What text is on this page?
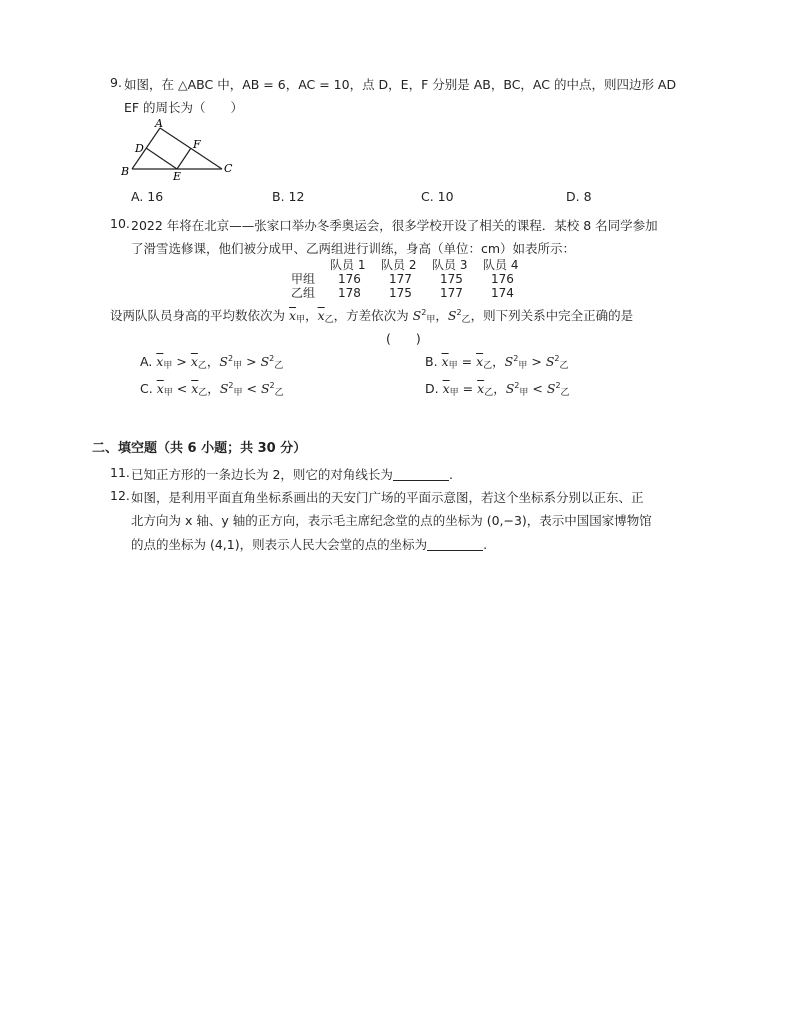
9. 如图，在 △ABC 中，AB = 6，AC = 10，点 D，E，F 分别是 AB，BC，AC 的中点，则四边形 AD
EF 的周长为（　　）
A
B	C
D
E
F
A. 16	B. 12	C. 10	D. 8
10. 2022 年将在北京——张家口举办冬季奥运会，很多学校开设了相关的课程．某校 8 名同学参加
了滑雪选修课，他们被分成甲、乙两组进行训练，身高（单位：cm）如表所示：
队员 1 队员 2 队员 3 队员 4
甲组 176 177 175 176
乙组 178 175 177 174
设两队队员身高的平均数依次为 $\overline{x}_甲$，$\overline{x}_乙$，方差依次为 $S^2_甲$，$S^2_乙$，则下列关系中完全正确的是
(　　)
A. $\overline{x}_甲 > \overline{x}_乙$，$S^2_甲 > S^2_乙$	B. $\overline{x}_甲 = \overline{x}_乙$，$S^2_甲 > S^2_乙$
C. $\overline{x}_甲 < \overline{x}_乙$，$S^2_甲 < S^2_乙$	D. $\overline{x}_甲 = \overline{x}_乙$，$S^2_甲 < S^2_乙$
二、填空题（共 6 小题；共 30 分）
11. 已知正方形的一条边长为 2，则它的对角线长为	.
12. 如图，是利用平面直角坐标系画出的天安门广场的平面示意图，若这个坐标系分别以正东、正
北方向为 x 轴、y 轴的正方向，表示毛主席纪念堂的点的坐标为 (0,−3)，表示中国国家博物馆
的点的坐标为 (4,1)，则表示人民大会堂的点的坐标为	.
